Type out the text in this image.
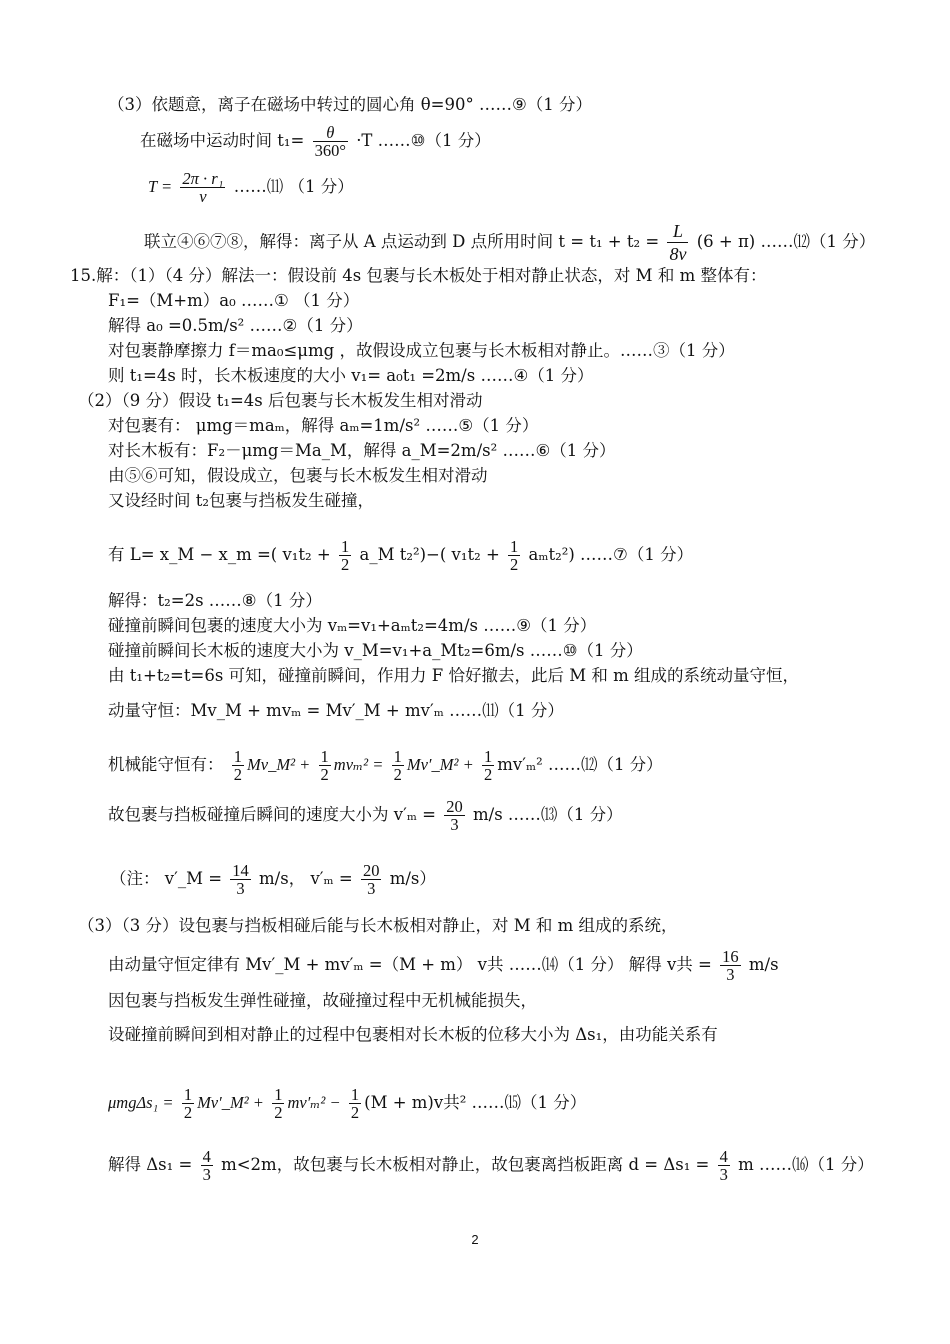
（3）依题意，离子在磁场中转过的圆心角 θ=90° ……⑨（1 分）
在磁场中运动时间 $t_1= \frac{\theta}{360^\circ} \cdot T$ ……⑩（1 分）
$T = \frac{\text{2π · r₁}}{v}$ ……⑾ （1 分）
联立④⑥⑦⑧，解得：离子从 A 点运动到 D 点所用时间 $t = t_1 + t_2 = \frac{L}{8v} (6 + \pi)$ ……⑿（1 分）
15.解：（1）（4 分）解法一：假设前 4s 包裹与长木板处于相对静止状态，对 M 和 m 整体有：
F₁=（M+m）a₀ ……① （1 分）
解得 a₀ =0.5m/s² ……②（1 分）
对包裹静摩擦力 f＝ma₀≤μmg ，故假设成立包裹与长木板相对静止。……③（1 分）
则 t₁=4s 时，长木板速度的大小 v₁= a₀t₁ =2m/s ……④（1 分）
（2）（9 分）假设 t₁=4s 后包裹与长木板发生相对滑动
对包裹有： μmg＝maₘ，解得 aₘ=1m/s² ……⑤（1 分）
对长木板有：F₂－μmg＝Ma_M，解得 a_M=2m/s² ……⑥（1 分）
由⑤⑥可知，假设成立，包裹与长木板发生相对滑动
又设经时间 t₂包裹与挡板发生碰撞，
有 L= x_M − x_m =( $v_1t_2 + \frac{1}{2}$ a_M t₂²)−( $v_1t_2 + \frac{1}{2} a_mt_2^2$) ……⑦（1 分）
解得：t₂=2s ……⑧（1 分）
碰撞前瞬间包裹的速度大小为 vₘ=v₁+aₘt₂=4m/s ……⑨（1 分）
碰撞前瞬间长木板的速度大小为 v_M=v₁+a_Mt₂=6m/s ……⑩（1 分）
由 t₁+t₂=t=6s 可知，碰撞前瞬间，作用力 F 恰好撤去，此后 M 和 m 组成的系统动量守恒，
动量守恒：Mv_M + mvₘ = Mv′_M + mv′ₘ ……⑾（1 分）
机械能守恒有： $\frac{1}{2}$ Mv_M² + $\frac{1}{2} mv_m^2 = \frac{1}{2}$ Mv′_M² + $\frac{1}{2} mv'_m^2$ ……⑿（1 分）
故包裹与挡板碰撞后瞬间的速度大小为 $v'_m = \frac{20}{3} m/s$ ……⒀（1 分）
（注： v′_M = $\frac{14}{3} m/s$， $v'_m = \frac{20}{3} m/s$）
（3）（3 分）设包裹与挡板相碰后能与长木板相对静止，对 M 和 m 组成的系统，
由动量守恒定律有 Mv′_M + mv′ₘ =（M + m） v共 ……⒁（1 分） 解得 v共 = $\frac{16}{3} m/s$
因包裹与挡板发生弹性碰撞，故碰撞过程中无机械能损失，
设碰撞前瞬间到相对静止的过程中包裹相对长木板的位移大小为 Δs₁，由功能关系有
$\mu mg\Delta s_1 = \frac{1}{2}$ Mv′_M² + $\frac{1}{2} mv'_m^2 - \frac{1}{2} (M + m)v$共² ……⒂（1 分）
解得 $\Delta s_1 = \frac{4}{3} m<2m$，故包裹与长木板相对静止，故包裹离挡板距离 $d = \Delta s_1 = \frac{4}{3}$ m ……⒃（1 分）
2
